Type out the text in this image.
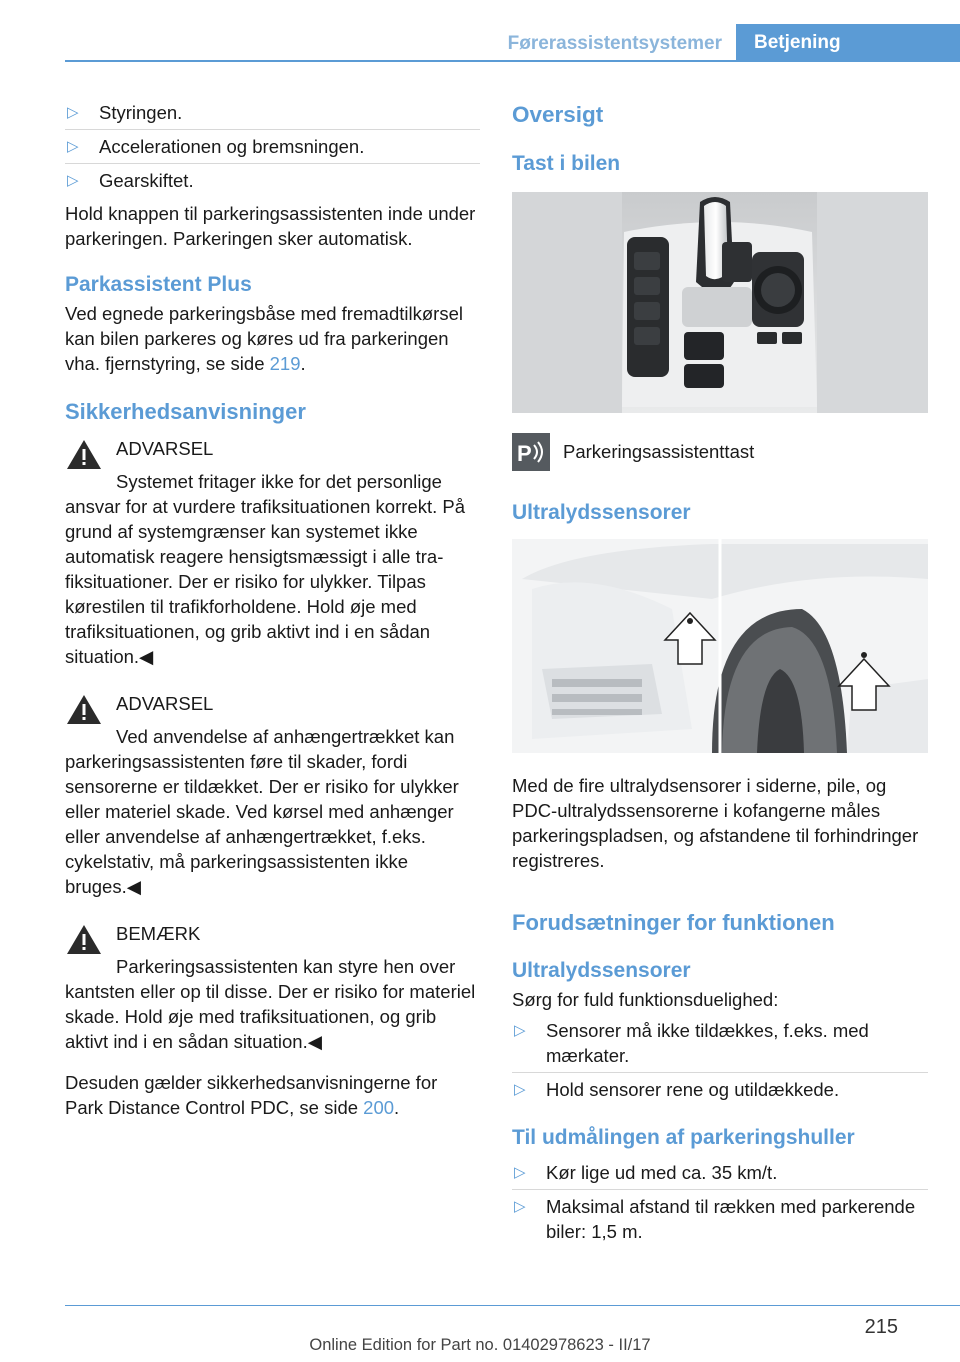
Førerassistentsystemer	Betjening
▷ Styringen.
▷ Accelerationen og bremsningen.
▷ Gearskiftet.

Hold knappen til parkeringsassistenten inde under parkeringen. Parkeringen sker automatisk.

Parkassistent Plus

Ved egnede parkeringsbåse med fremadtilkørsel kan bilen parkeres og køres ud fra parkeringen vha. fjernstyring, se side 219.

Sikkerhedsanvisninger
ADVARSEL
Systemet fritager ikke for det personlige
ansvar for at vurdere trafiksituationen korrekt. På grund af systemgrænser kan systemet ikke automatisk reagere hensigtsmæssigt i alle trafiksituationer. Der er risiko for ulykker. Tilpas kørestilen til trafikforholdene. Hold øje med trafiksituationen, og grib aktivt ind i en sådan situation.◀
ADVARSEL
Ved anvendelse af anhængertrækket kan
parkeringsassistenten føre til skader, fordi sensorerne er tildækket. Der er risiko for ulykker eller materiel skade. Ved kørsel med anhænger eller anvendelse af anhængertrækket, f.eks. cykelstativ, må parkeringsassistenten ikke bruges.◀
BEMÆRK
Parkeringsassistenten kan styre hen over
kantsten eller op til disse. Der er risiko for materiel skade. Hold øje med trafiksituationen, og grib aktivt ind i en sådan situation.◀

Desuden gælder sikkerhedsanvisningerne for Park Distance Control PDC, se side 200.

Oversigt
Tast i bilen
P Parkeringsassistenttast
Ultralydssensorer

Med de fire ultralydsensorer i siderne, pile, og PDC-ultralydssensorerne i kofangerne måles parkeringspladsen, og afstandene til forhindringer registreres.

Forudsætninger for funktionen
Ultralydssensorer

Sørg for fuld funktionsduelighed:

▷ Sensorer må ikke tildækkes, f.eks. med mærkater.
▷ Hold sensorer rene og utildækkede.
Til udmålingen af parkeringshuller
▷ Kør lige ud med ca. 35 km/t.
▷ Maksimal afstand til rækken med parkerende biler: 1,5 m.
215
Online Edition for Part no. 01402978623 - II/17
